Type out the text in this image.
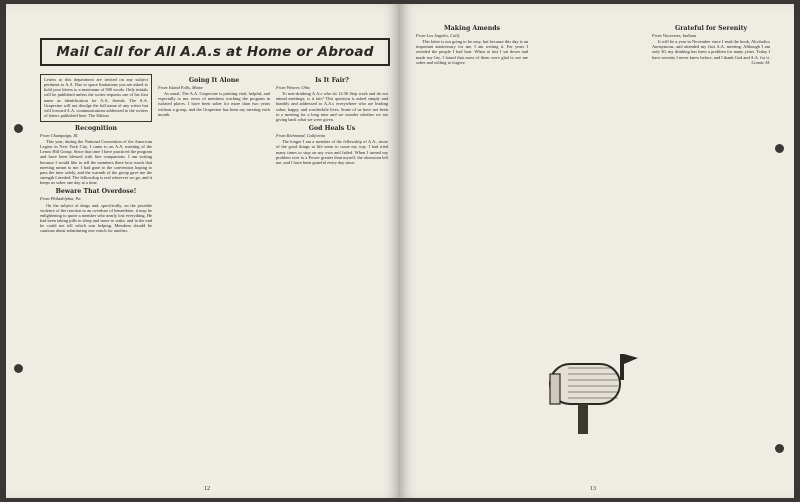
Mail Call for All A.A.s at Home or Abroad

Letters to this department are invited on any subject pertinent to A.A. Due to space limitations you are asked to hold your letters to a maximum of 500 words. Only initials will be published unless the writer requests use of his first name as identification for A.A. friends. The A.A. Grapevine will not divulge the full name of any writer but will forward A.A. communications addressed to the writers of letters published here. The Editors

Recognition
From Champaign, Ill.

This year, during the National Convention of the American Legion in New York City, I came to an A.A. meeting of the Lenox Hill Group. Since that time I have practiced the program and have been blessed with fine companions. I am writing because I would like to tell the members there how much that meeting meant to me. I had gone to the convention hoping to pass the time safely, and the warmth of the group gave me the strength I needed. The fellowship is real wherever we go, and it keeps us sober one day at a time.

Beware That Overdose!
From Philadelphia, Pa.

On the subject of drugs and, specifically, on the possible violence of the reaction to an overdose of benzedrine, it may be enlightening to quote a member who nearly lost everything. He had been taking pills to sleep and more to wake, and in the end he could not tell which was helping. Members should be cautious about substituting one crutch for another.

Going It Alone
From Island Falls, Maine

As usual, The A.A. Grapevine is printing vital, helpful, and especially to me, news of members working the program in isolated places. I have been sober for more than two years without a group, and the Grapevine has been my meeting each month.

Is It Fair?
From Weaver, Ohio

To non-drinking A.A.s who do 12:30 Step work and do not attend meetings, is it fair? This question is asked simply and humbly and addressed to A.A.s everywhere who are leading sober, happy, and worthwhile lives. Some of us have not been to a meeting for a long time and we wonder whether we are giving back what we were given.

God Heals Us
From Richmond, California

The longer I am a member of the fellowship of A.A., more of the good things in life seem to come my way. I had tried many times to stop on my own and failed. When I turned my problem over to a Power greater than myself, the obsession left me, and I have been grateful every day since.

12
Making Amends
From Los Angeles, Calif.

This letter is not going to be easy, but because this day is an important anniversary for me, I am writing it. For years I avoided the people I had hurt. When at last I sat down and made my list, I found that most of them were glad to see me sober and willing to forgive.

Grateful for Serenity
From Vincennes, Indiana

It will be a year in November since I read the book, Alcoholics Anonymous, and attended my first A.A. meeting. Although I am only 30, my drinking has been a problem for many years. Today I have serenity I never knew before, and I thank God and A.A. for it.

Connie M.

13
